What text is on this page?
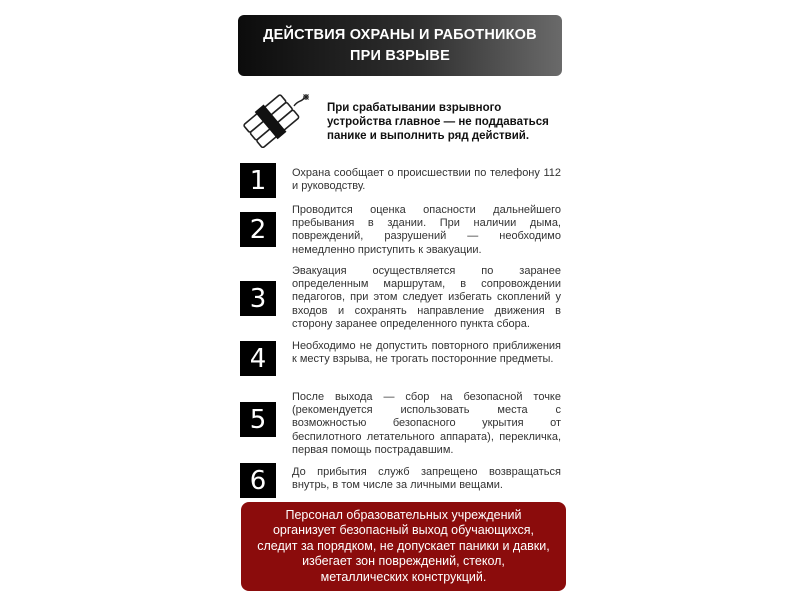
ДЕЙСТВИЯ ОХРАНЫ И РАБОТНИКОВ
ПРИ ВЗРЫВЕ
При срабатывании взрывного устройства главное — не поддаваться панике и выполнить ряд действий.
1	Охрана сообщает о происшествии по телефону 112 и руководству.
2
Проводится оценка опасности дальнейшего пребывания в здании. При наличии дыма, повреждений, разрушений — необходимо немедленно приступить к эвакуации.
3
Эвакуация осуществляется по заранее определенным маршрутам, в сопровождении педагогов, при этом следует избегать скоплений у входов и сохранять направление движения в сторону заранее определенного пункта сбора.
4	Необходимо не допустить повторного приближения к месту взрыва, не трогать посторонние предметы.
5
После выхода — сбор на безопасной точке (рекомендуется использовать места с возможностью безопасного укрытия от беспилотного летательного аппарата), перекличка, первая помощь пострадавшим.
6	До прибытия служб запрещено возвращаться внутрь, в том числе за личными вещами.
Персонал образовательных учреждений
организует безопасный выход обучающихся,
следит за порядком, не допускает паники и давки,
избегает зон повреждений, стекол,
металлических конструкций.
